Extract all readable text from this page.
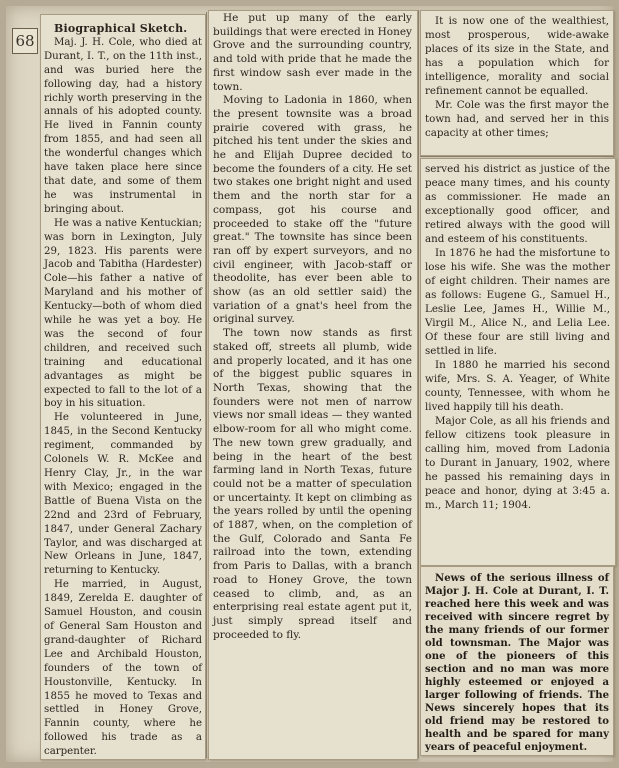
68

Biographical Sketch.

Maj. J. H. Cole, who died at Durant, I. T., on the 11th inst., and was buried here the following day, had a history richly worth preserving in the annals of his adopted county. He lived in Fannin county from 1855, and had seen all the wonderful changes which have taken place here since that date, and some of them he was instrumental in bringing about.

He was a native Kentuckian; was born in Lexington, July 29, 1823. His parents were Jacob and Tabitha (Hardester) Cole—his father a native of Maryland and his mother of Kentucky—both of whom died while he was yet a boy. He was the second of four children, and received such training and educational advantages as might be expected to fall to the lot of a boy in his situation.

He volunteered in June, 1845, in the Second Kentucky regiment, commanded by Colonels W. R. McKee and Henry Clay, Jr., in the war with Mexico; engaged in the Battle of Buena Vista on the 22nd and 23rd of February, 1847, under General Zachary Taylor, and was discharged at New Orleans in June, 1847, returning to Kentucky.

He married, in August, 1849, Zerelda E. daughter of Samuel Houston, and cousin of General Sam Houston and grand-daughter of Richard Lee and Archibald Houston, founders of the town of Houstonville, Kentucky. In 1855 he moved to Texas and settled in Honey Grove, Fannin county, where he followed his trade as a carpenter.

He put up many of the early buildings that were erected in Honey Grove and the surrounding country, and told with pride that he made the first window sash ever made in the town.

Moving to Ladonia in 1860, when the present townsite was a broad prairie covered with grass, he pitched his tent under the skies and he and Elijah Dupree decided to become the founders of a city. He set two stakes one bright night and used them and the north star for a compass, got his course and proceeded to stake off the "future great." The townsite has since been ran off by expert surveyors, and no civil engineer, with Jacob-staff or theodolite, has ever been able to show (as an old settler said) the variation of a gnat's heel from the original survey.

The town now stands as first staked off, streets all plumb, wide and properly located, and it has one of the biggest public squares in North Texas, showing that the founders were not men of narrow views nor small ideas — they wanted elbow-room for all who might come. The new town grew gradually, and being in the heart of the best farming land in North Texas, future could not be a matter of speculation or uncertainty. It kept on climbing as the years rolled by until the opening of 1887, when, on the completion of the Gulf, Colorado and Santa Fe railroad into the town, extending from Paris to Dallas, with a branch road to Honey Grove, the town ceased to climb, and, as an enterprising real estate agent put it, just simply spread itself and proceeded to fly.

It is now one of the wealthiest, most prosperous, wide-awake places of its size in the State, and has a population which for intelligence, morality and social refinement cannot be equalled.

Mr. Cole was the first mayor the town had, and served her in this capacity at other times;

served his district as justice of the peace many times, and his county as commissioner. He made an exceptionally good officer, and retired always with the good will and esteem of his constituents.

In 1876 he had the misfortune to lose his wife. She was the mother of eight children. Their names are as follows: Eugene G., Samuel H., Leslie Lee, James H., Willie M., Virgil M., Alice N., and Lelia Lee. Of these four are still living and settled in life.

In 1880 he married his second wife, Mrs. S. A. Yeager, of White county, Tennessee, with whom he lived happily till his death.

Major Cole, as all his friends and fellow citizens took pleasure in calling him, moved from Ladonia to Durant in January, 1902, where he passed his remaining days in peace and honor, dying at 3:45 a. m., March 11; 1904.

News of the serious illness of Major J. H. Cole at Durant, I. T. reached here this week and was received with sincere regret by the many friends of our former old townsman. The Major was one of the pioneers of this section and no man was more highly esteemed or enjoyed a larger following of friends. The News sincerely hopes that its old friend may be restored to health and be spared for many years of peaceful enjoyment.
